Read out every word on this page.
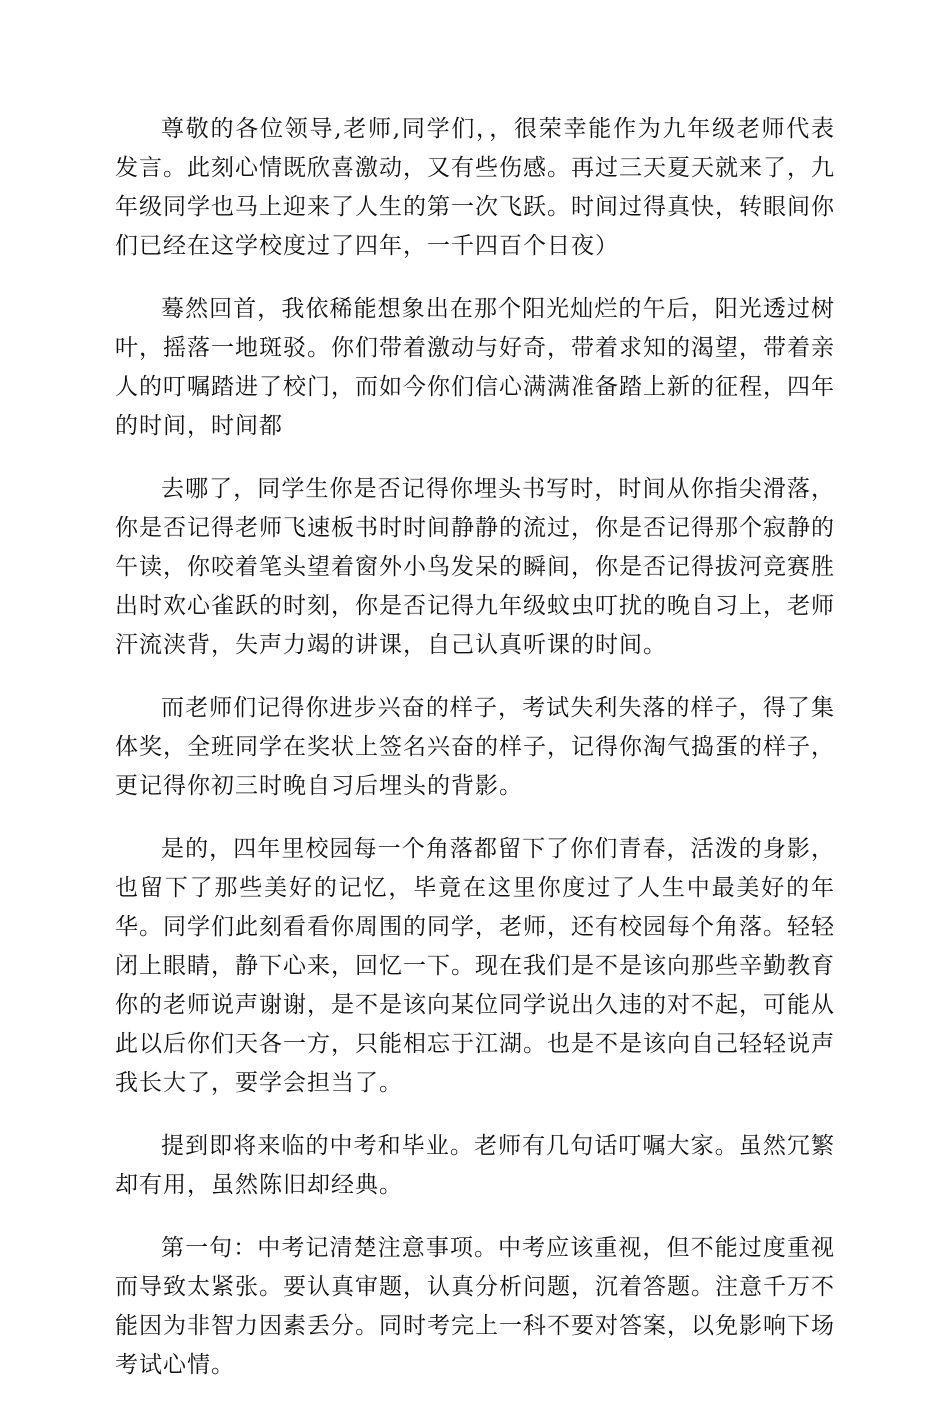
尊敬的各位领导,老师,同学们，，很荣幸能作为九年级老师代表发言。此刻心情既欣喜激动，又有些伤感。再过三天夏天就来了，九年级同学也马上迎来了人生的第一次飞跃。时间过得真快，转眼间你们已经在这学校度过了四年，一千四百个日夜）

蓦然回首，我依稀能想象出在那个阳光灿烂的午后，阳光透过树叶，摇落一地斑驳。你们带着激动与好奇，带着求知的渴望，带着亲人的叮嘱踏进了校门，而如今你们信心满满准备踏上新的征程，四年的时间，时间都

去哪了，同学生你是否记得你埋头书写时，时间从你指尖滑落，你是否记得老师飞速板书时时间静静的流过，你是否记得那个寂静的午读，你咬着笔头望着窗外小鸟发呆的瞬间，你是否记得拔河竞赛胜出时欢心雀跃的时刻，你是否记得九年级蚊虫叮扰的晚自习上，老师汗流浃背，失声力竭的讲课，自己认真听课的时间。

而老师们记得你进步兴奋的样子，考试失利失落的样子，得了集体奖，全班同学在奖状上签名兴奋的样子，记得你淘气捣蛋的样子，更记得你初三时晚自习后埋头的背影。

是的，四年里校园每一个角落都留下了你们青春，活泼的身影，也留下了那些美好的记忆，毕竟在这里你度过了人生中最美好的年华。同学们此刻看看你周围的同学，老师，还有校园每个角落。轻轻闭上眼睛，静下心来，回忆一下。现在我们是不是该向那些辛勤教育你的老师说声谢谢，是不是该向某位同学说出久违的对不起，可能从此以后你们天各一方，只能相忘于江湖。也是不是该向自己轻轻说声我长大了，要学会担当了。

提到即将来临的中考和毕业。老师有几句话叮嘱大家。虽然冗繁却有用，虽然陈旧却经典。

第一句：中考记清楚注意事项。中考应该重视，但不能过度重视而导致太紧张。要认真审题，认真分析问题，沉着答题。注意千万不能因为非智力因素丢分。同时考完上一科不要对答案，以免影响下场考试心情。
